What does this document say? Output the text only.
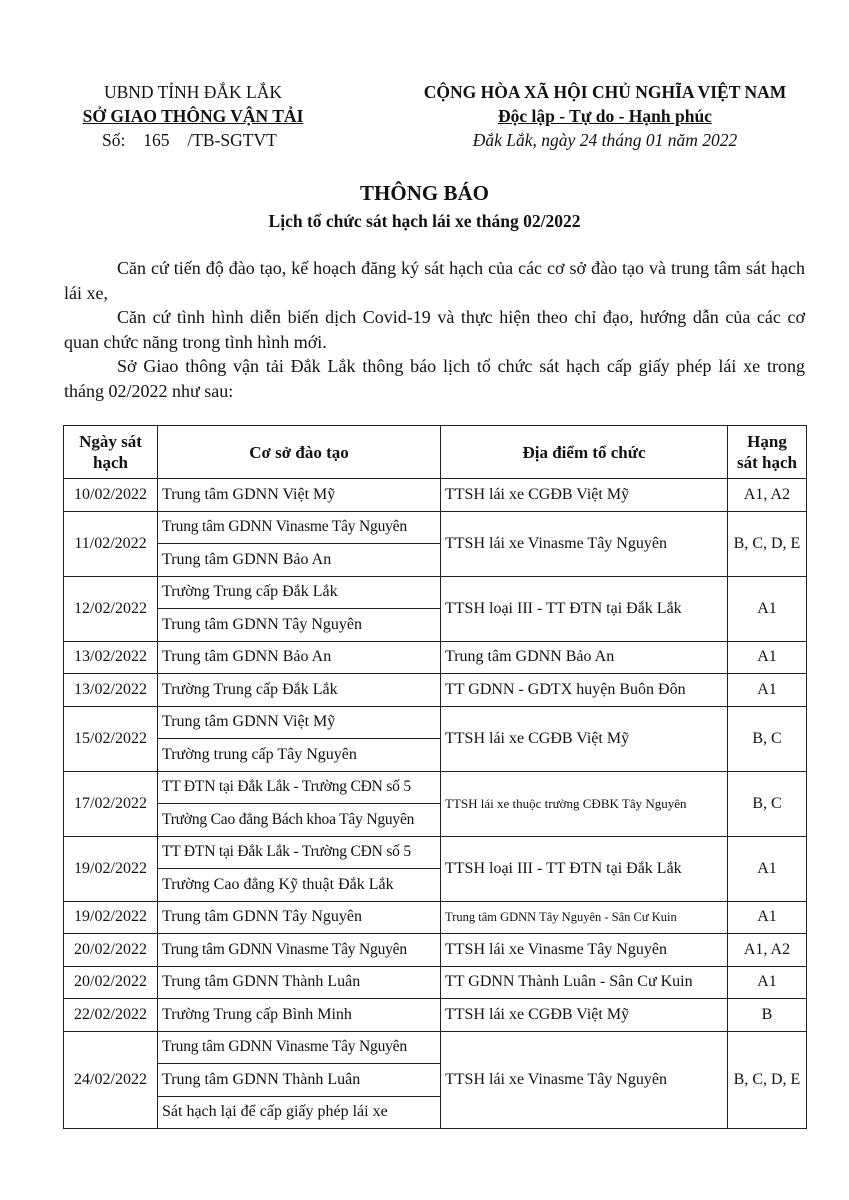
UBND TỈNH ĐẮK LẮK
SỞ GIAO THÔNG VẬN TẢI
Số: 165 /TB-SGTVT
CỘNG HÒA XÃ HỘI CHỦ NGHĨA VIỆT NAM
Độc lập - Tự do - Hạnh phúc
Đắk Lắk, ngày 24 tháng 01 năm 2022
THÔNG BÁO
Lịch tổ chức sát hạch lái xe tháng 02/2022

Căn cứ tiến độ đào tạo, kế hoạch đăng ký sát hạch của các cơ sở đào tạo và trung tâm sát hạch lái xe,

Căn cứ tình hình diễn biến dịch Covid-19 và thực hiện theo chỉ đạo, hướng dẫn của các cơ quan chức năng trong tình hình mới.

Sở Giao thông vận tải Đắk Lắk thông báo lịch tổ chức sát hạch cấp giấy phép lái xe trong tháng 02/2022 như sau:

Ngày sát hạch	Cơ sở đào tạo	Địa điểm tổ chức	Hạng sát hạch

10/02/2022	Trung tâm GDNN Việt Mỹ	TTSH lái xe CGĐB Việt Mỹ	A1, A2
11/02/2022	Trung tâm GDNN Vinasme Tây Nguyên	TTSH lái xe Vinasme Tây Nguyên	B, C, D, E
	Trung tâm GDNN Bảo An		
12/02/2022	Trường Trung cấp Đắk Lắk	TTSH loại III - TT ĐTN tại Đắk Lắk	A1
	Trung tâm GDNN Tây Nguyên		
13/02/2022	Trung tâm GDNN Bảo An	Trung tâm GDNN Bảo An	A1
13/02/2022	Trường Trung cấp Đắk Lắk	TT GDNN - GDTX huyện Buôn Đôn	A1
15/02/2022	Trung tâm GDNN Việt Mỹ	TTSH lái xe CGĐB Việt Mỹ	B, C
	Trường trung cấp Tây Nguyên		
17/02/2022	TT ĐTN tại Đắk Lắk - Trường CĐN số 5	TTSH lái xe thuộc trường CĐBK Tây Nguyên	B, C
	Trường Cao đẳng Bách khoa Tây Nguyên		
19/02/2022	TT ĐTN tại Đắk Lắk - Trường CĐN số 5	TTSH loại III - TT ĐTN tại Đắk Lắk	A1
	Trường Cao đẳng Kỹ thuật Đắk Lắk		
19/02/2022	Trung tâm GDNN Tây Nguyên	Trung tâm GDNN Tây Nguyên - Sân Cư Kuin	A1
20/02/2022	Trung tâm GDNN Vinasme Tây Nguyên	TTSH lái xe Vinasme Tây Nguyên	A1, A2
20/02/2022	Trung tâm GDNN Thành Luân	TT GDNN Thành Luân - Sân Cư Kuin	A1
22/02/2022	Trường Trung cấp Bình Minh	TTSH lái xe CGĐB Việt Mỹ	B
24/02/2022	Trung tâm GDNN Vinasme Tây Nguyên	TTSH lái xe Vinasme Tây Nguyên	B, C, D, E
	Trung tâm GDNN Thành Luân		
	Sát hạch lại để cấp giấy phép lái xe		
